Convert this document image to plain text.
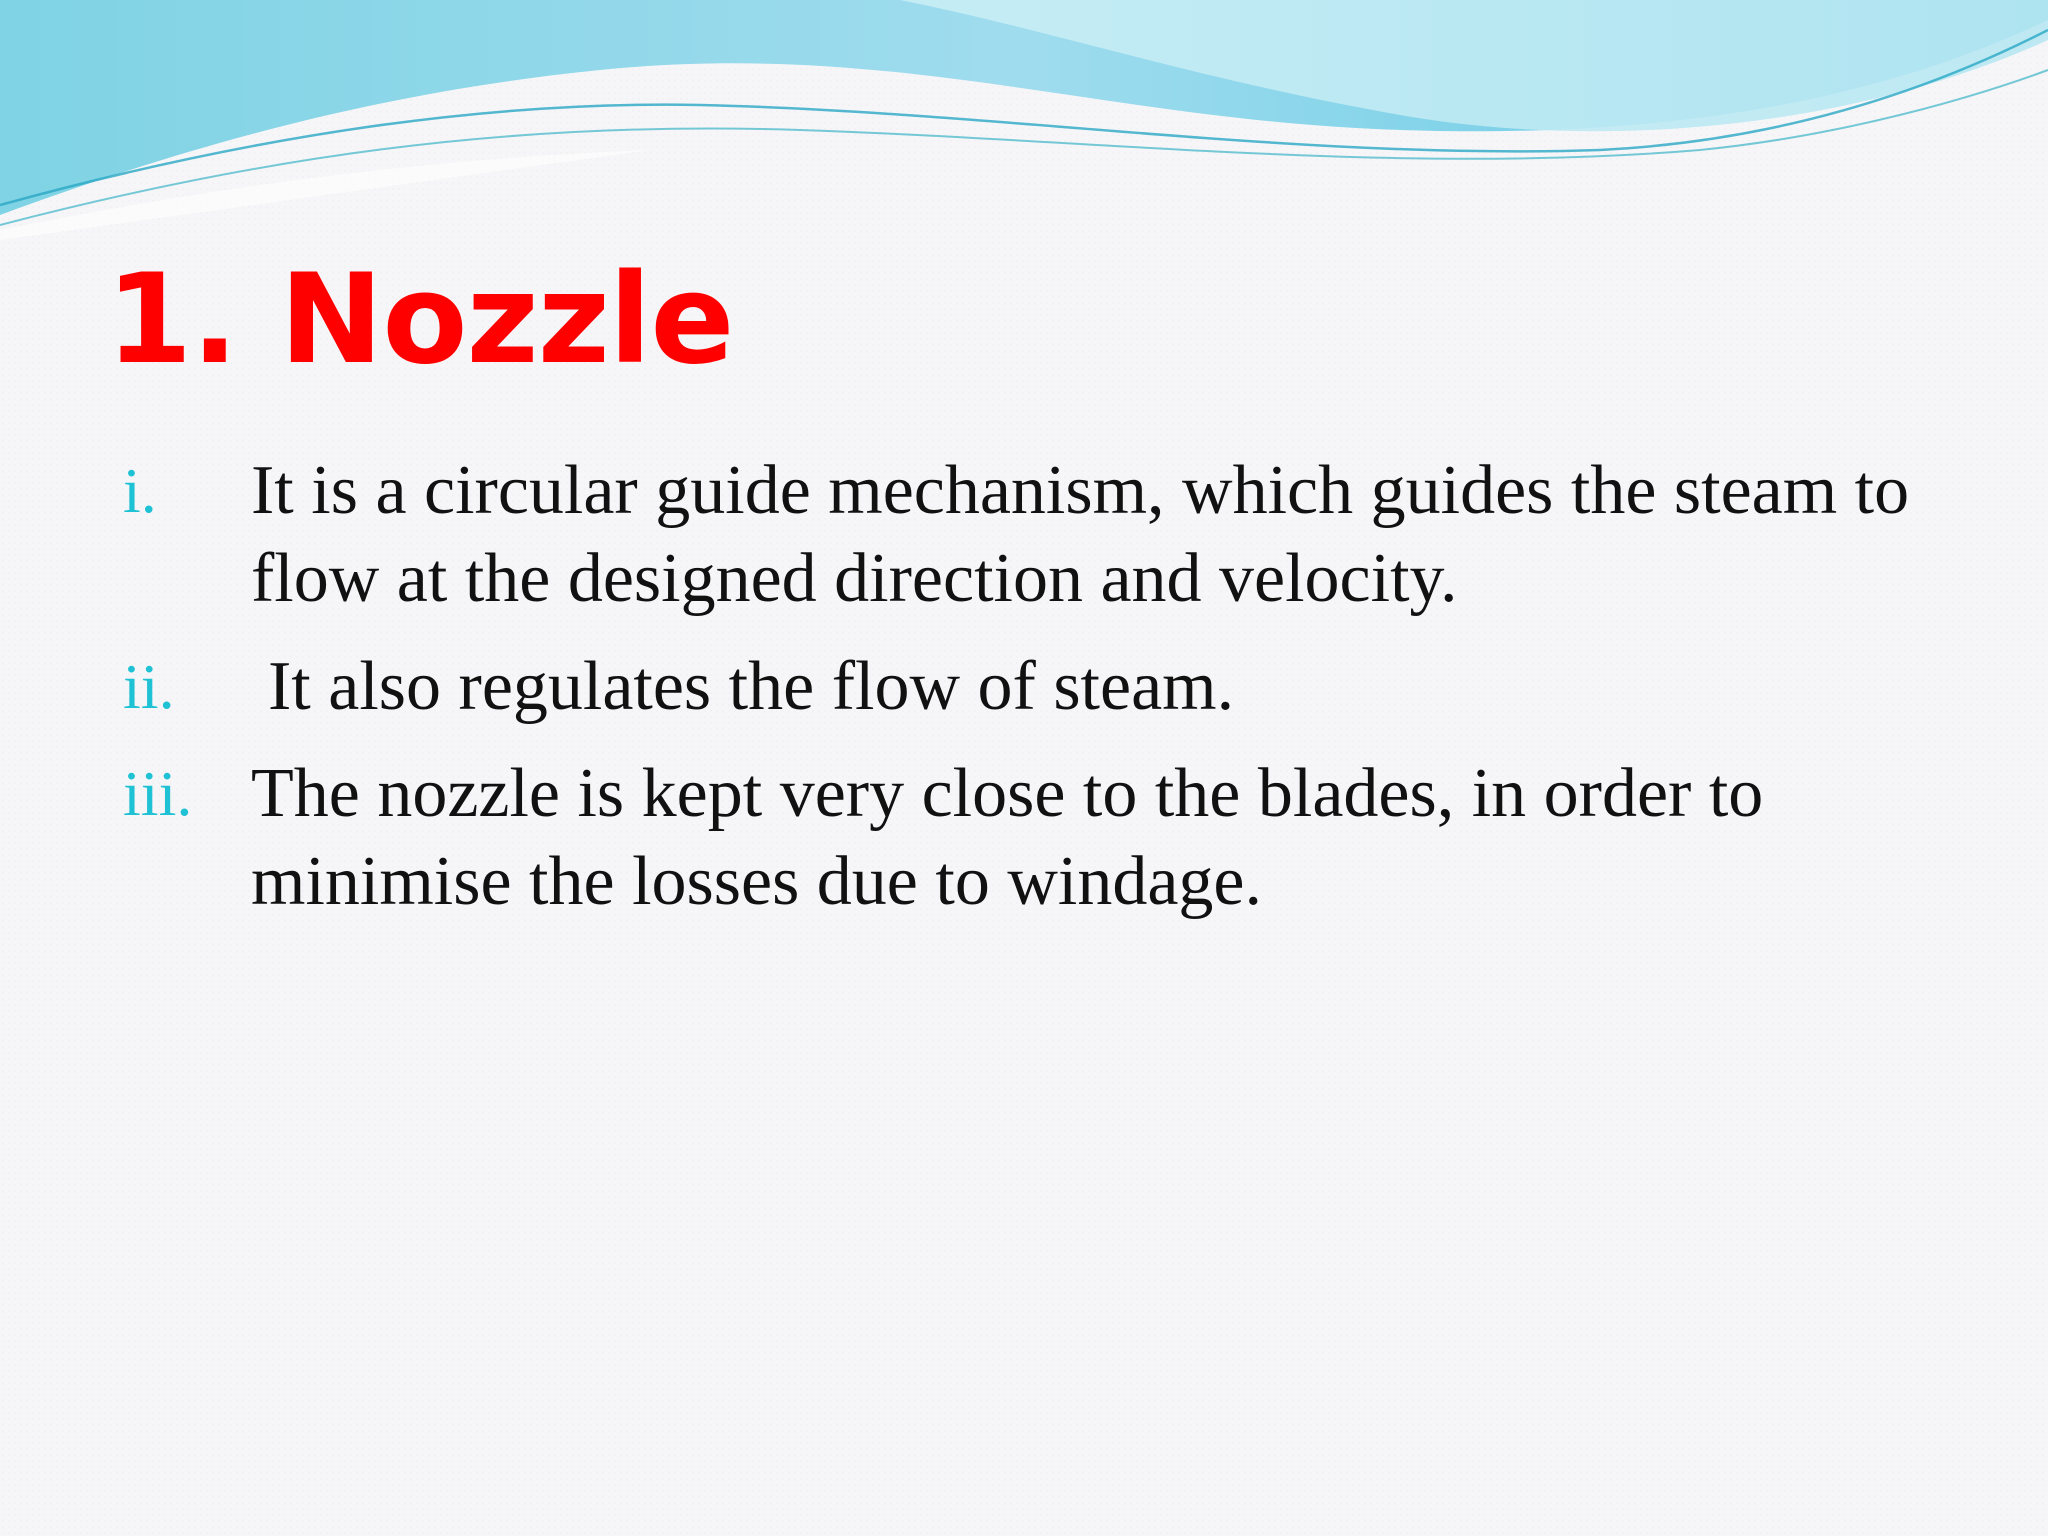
1. Nozzle
i. It is a circular guide mechanism, which guides the steam to flow at the designed direction and velocity.
ii. It also regulates the flow of steam.
iii. The nozzle is kept very close to the blades, in order to minimise the losses due to windage.
